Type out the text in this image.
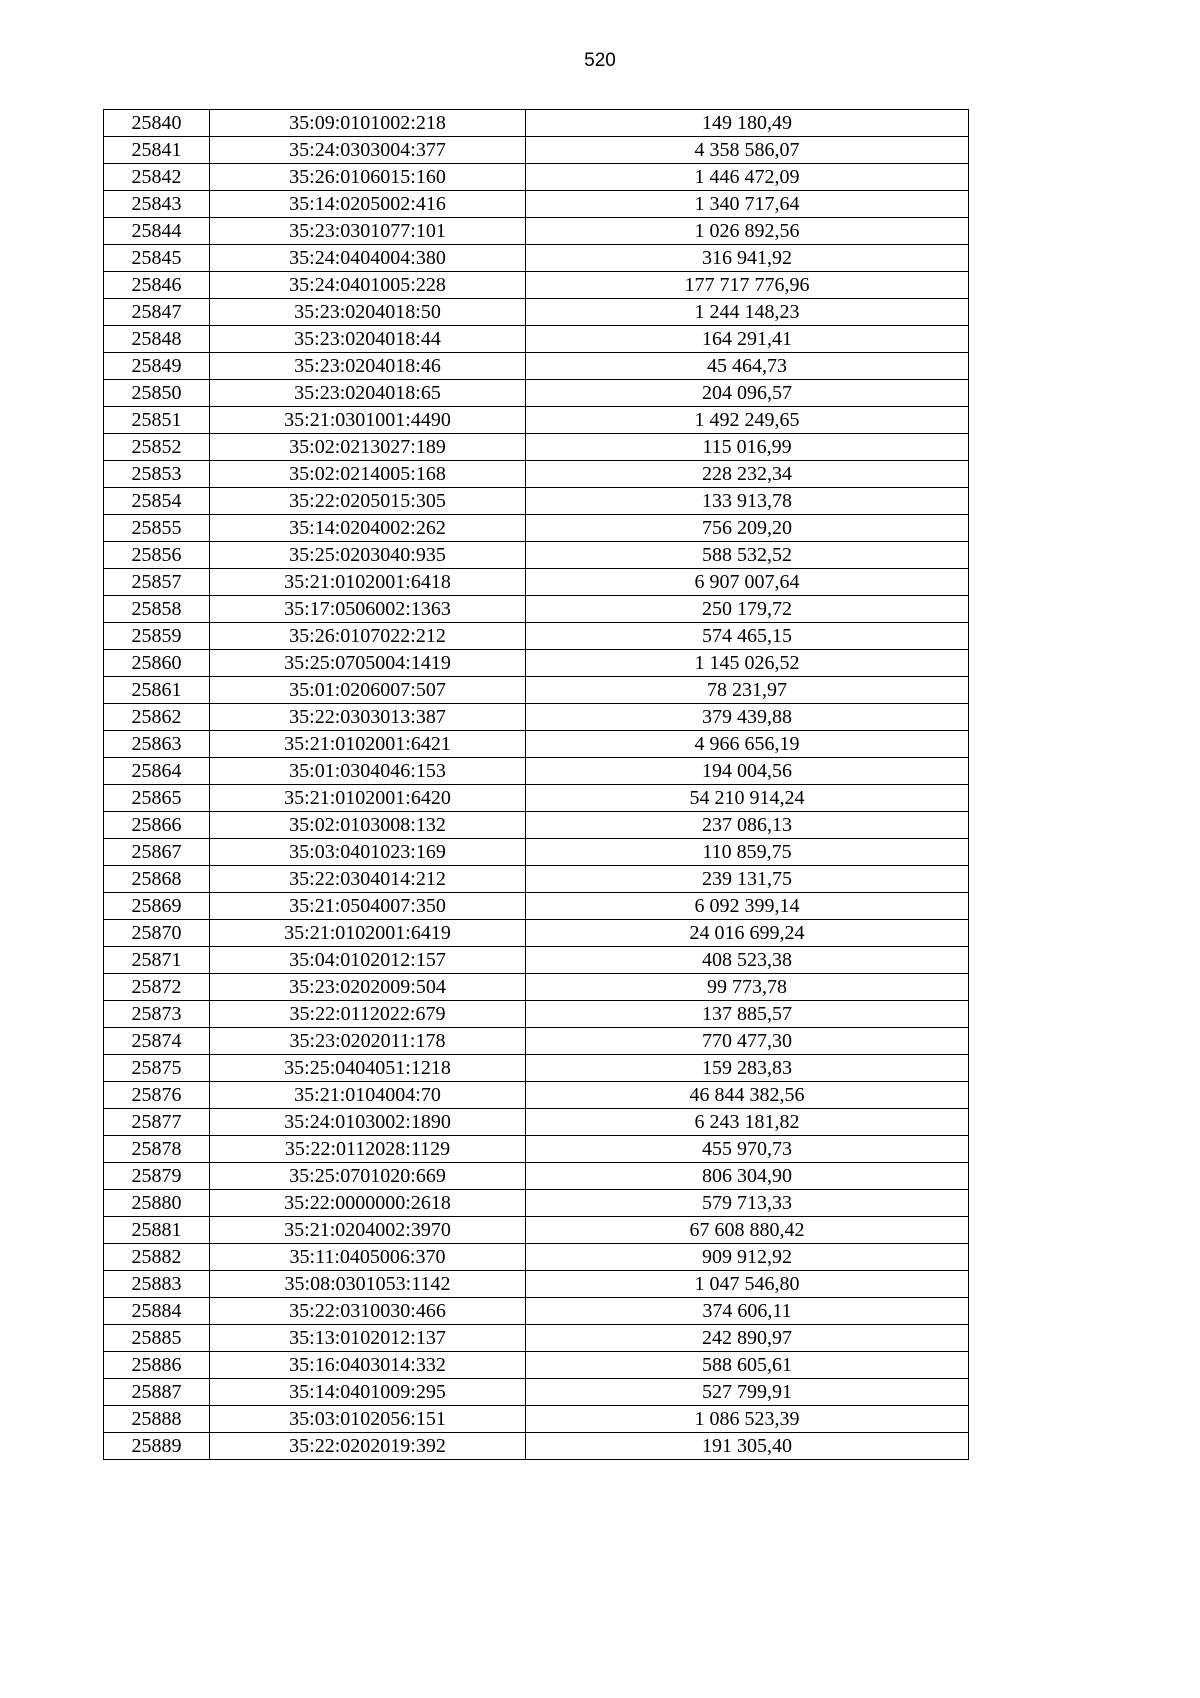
520
25840	35:09:0101002:218	149 180,49
25841	35:24:0303004:377	4 358 586,07
25842	35:26:0106015:160	1 446 472,09
25843	35:14:0205002:416	1 340 717,64
25844	35:23:0301077:101	1 026 892,56
25845	35:24:0404004:380	316 941,92
25846	35:24:0401005:228	177 717 776,96
25847	35:23:0204018:50	1 244 148,23
25848	35:23:0204018:44	164 291,41
25849	35:23:0204018:46	45 464,73
25850	35:23:0204018:65	204 096,57
25851	35:21:0301001:4490	1 492 249,65
25852	35:02:0213027:189	115 016,99
25853	35:02:0214005:168	228 232,34
25854	35:22:0205015:305	133 913,78
25855	35:14:0204002:262	756 209,20
25856	35:25:0203040:935	588 532,52
25857	35:21:0102001:6418	6 907 007,64
25858	35:17:0506002:1363	250 179,72
25859	35:26:0107022:212	574 465,15
25860	35:25:0705004:1419	1 145 026,52
25861	35:01:0206007:507	78 231,97
25862	35:22:0303013:387	379 439,88
25863	35:21:0102001:6421	4 966 656,19
25864	35:01:0304046:153	194 004,56
25865	35:21:0102001:6420	54 210 914,24
25866	35:02:0103008:132	237 086,13
25867	35:03:0401023:169	110 859,75
25868	35:22:0304014:212	239 131,75
25869	35:21:0504007:350	6 092 399,14
25870	35:21:0102001:6419	24 016 699,24
25871	35:04:0102012:157	408 523,38
25872	35:23:0202009:504	99 773,78
25873	35:22:0112022:679	137 885,57
25874	35:23:0202011:178	770 477,30
25875	35:25:0404051:1218	159 283,83
25876	35:21:0104004:70	46 844 382,56
25877	35:24:0103002:1890	6 243 181,82
25878	35:22:0112028:1129	455 970,73
25879	35:25:0701020:669	806 304,90
25880	35:22:0000000:2618	579 713,33
25881	35:21:0204002:3970	67 608 880,42
25882	35:11:0405006:370	909 912,92
25883	35:08:0301053:1142	1 047 546,80
25884	35:22:0310030:466	374 606,11
25885	35:13:0102012:137	242 890,97
25886	35:16:0403014:332	588 605,61
25887	35:14:0401009:295	527 799,91
25888	35:03:0102056:151	1 086 523,39
25889	35:22:0202019:392	191 305,40
